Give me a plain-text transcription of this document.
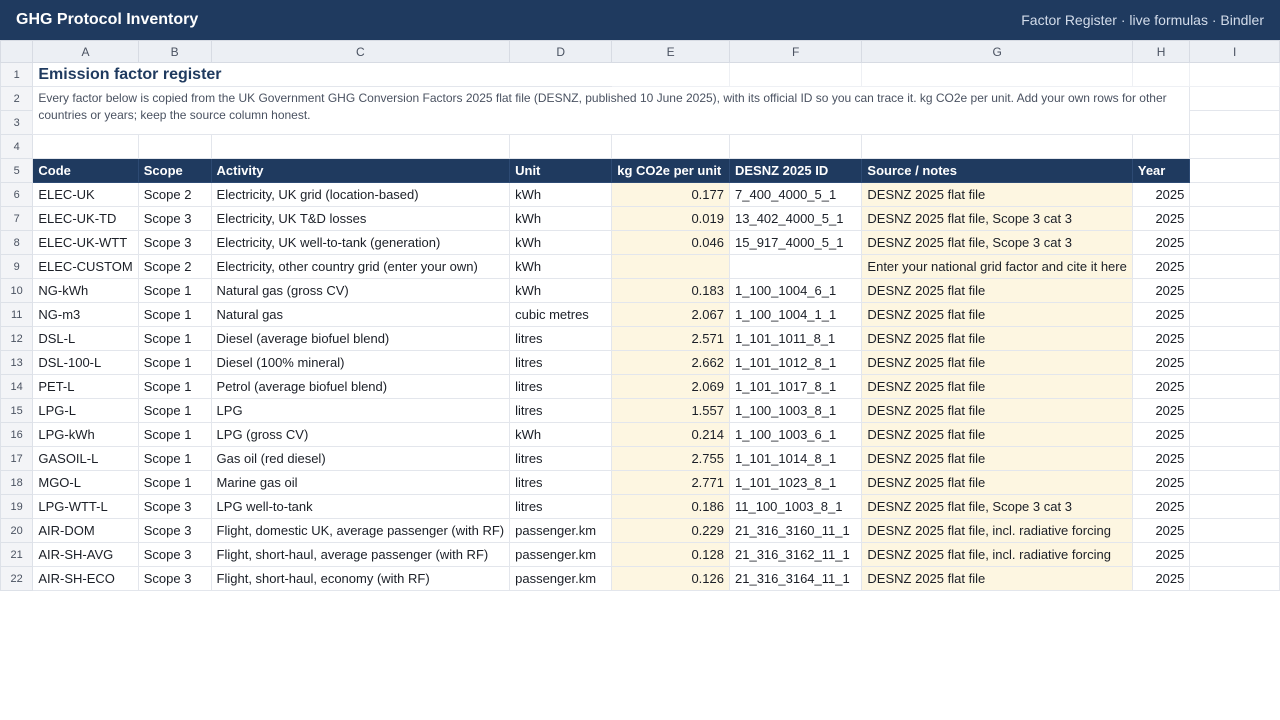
GHG Protocol Inventory	Factor Register · live formulas · Bindler
	A	B	C	D	E	F	G	H	I
1	Emission factor register								
2	Every factor below is copied from the UK Government GHG Conversion Factors 2025 flat file (DESNZ, published 10 June 2025), with its official ID so you can trace it. kg CO2e per unit. Add your own rows for other countries or years; keep the source column honest.								
3									
4									
5	Code	Scope	Activity	Unit	kg CO2e per unit	DESNZ 2025 ID	Source / notes	Year	
6	ELEC-UK	Scope 2	Electricity, UK grid (location-based)	kWh	0.177	7_400_4000_5_1	DESNZ 2025 flat file	2025	
7	ELEC-UK-TD	Scope 3	Electricity, UK T&D losses	kWh	0.019	13_402_4000_5_1	DESNZ 2025 flat file, Scope 3 cat 3	2025	
8	ELEC-UK-WTT	Scope 3	Electricity, UK well-to-tank (generation)	kWh	0.046	15_917_4000_5_1	DESNZ 2025 flat file, Scope 3 cat 3	2025	
9	ELEC-CUSTOM	Scope 2	Electricity, other country grid (enter your own)	kWh			Enter your national grid factor and cite it here	2025	
10	NG-kWh	Scope 1	Natural gas (gross CV)	kWh	0.183	1_100_1004_6_1	DESNZ 2025 flat file	2025	
11	NG-m3	Scope 1	Natural gas	cubic metres	2.067	1_100_1004_1_1	DESNZ 2025 flat file	2025	
12	DSL-L	Scope 1	Diesel (average biofuel blend)	litres	2.571	1_101_1011_8_1	DESNZ 2025 flat file	2025	
13	DSL-100-L	Scope 1	Diesel (100% mineral)	litres	2.662	1_101_1012_8_1	DESNZ 2025 flat file	2025	
14	PET-L	Scope 1	Petrol (average biofuel blend)	litres	2.069	1_101_1017_8_1	DESNZ 2025 flat file	2025	
15	LPG-L	Scope 1	LPG	litres	1.557	1_100_1003_8_1	DESNZ 2025 flat file	2025	
16	LPG-kWh	Scope 1	LPG (gross CV)	kWh	0.214	1_100_1003_6_1	DESNZ 2025 flat file	2025	
17	GASOIL-L	Scope 1	Gas oil (red diesel)	litres	2.755	1_101_1014_8_1	DESNZ 2025 flat file	2025	
18	MGO-L	Scope 1	Marine gas oil	litres	2.771	1_101_1023_8_1	DESNZ 2025 flat file	2025	
19	LPG-WTT-L	Scope 3	LPG well-to-tank	litres	0.186	11_100_1003_8_1	DESNZ 2025 flat file, Scope 3 cat 3	2025	
20	AIR-DOM	Scope 3	Flight, domestic UK, average passenger (with RF)	passenger.km	0.229	21_316_3160_11_1	DESNZ 2025 flat file, incl. radiative forcing	2025	
21	AIR-SH-AVG	Scope 3	Flight, short-haul, average passenger (with RF)	passenger.km	0.128	21_316_3162_11_1	DESNZ 2025 flat file, incl. radiative forcing	2025	
22	AIR-SH-ECO	Scope 3	Flight, short-haul, economy (with RF)	passenger.km	0.126	21_316_3164_11_1	DESNZ 2025 flat file	2025	
